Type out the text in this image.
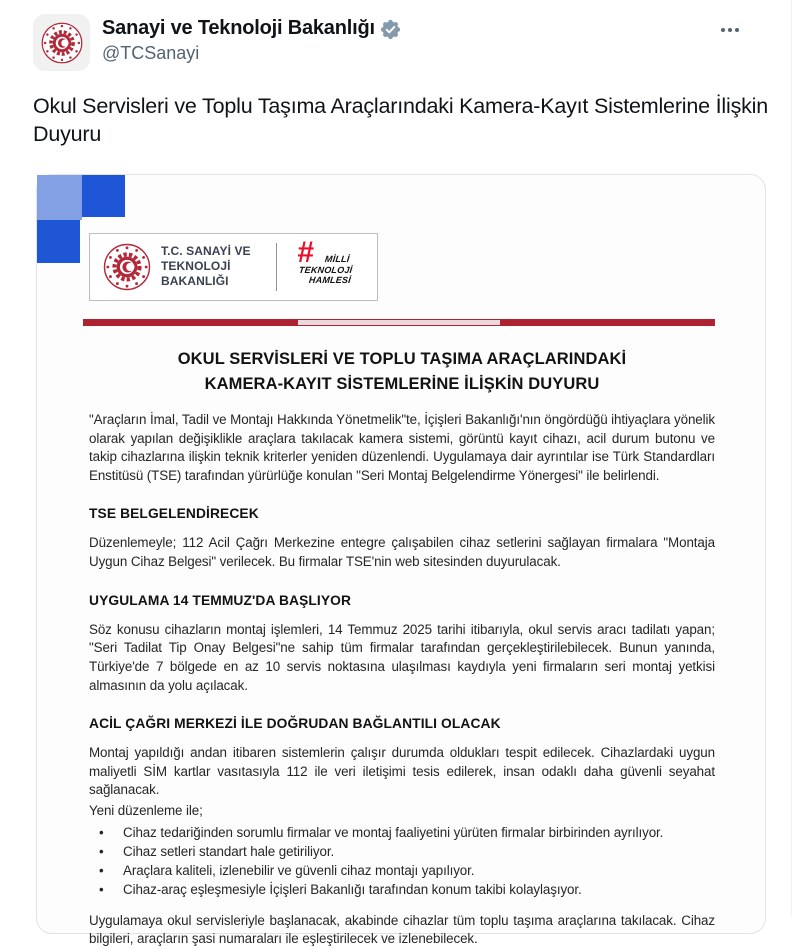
Sanayi ve Teknoloji Bakanlığı
@TCSanayi
Okul Servisleri ve Toplu Taşıma Araçlarındaki Kamera-Kayıt Sistemlerine İlişkin Duyuru
T.C. SANAYİ VE
TEKNOLOJİ BAKANLIĞI
# MİLLİ
TEKNOLOJİ
HAMLESİ
OKUL SERVİSLERİ VE TOPLU TAŞIMA ARAÇLARINDAKİ
KAMERA-KAYIT SİSTEMLERİNE İLİŞKİN DUYURU

"Araçların İmal, Tadil ve Montajı Hakkında Yönetmelik"te, İçişleri Bakanlığı'nın öngördüğü ihtiyaçlara yönelik olarak yapılan değişiklikle araçlara takılacak kamera sistemi, görüntü kayıt cihazı, acil durum butonu ve takip cihazlarına ilişkin teknik kriterler yeniden düzenlendi. Uygulamaya dair ayrıntılar ise Türk Standardları Enstitüsü (TSE) tarafından yürürlüğe konulan "Seri Montaj Belgelendirme Yönergesi" ile belirlendi.

TSE BELGELENDİRECEK

Düzenlemeyle; 112 Acil Çağrı Merkezine entegre çalışabilen cihaz setlerini sağlayan firmalara "Montaja Uygun Cihaz Belgesi" verilecek. Bu firmalar TSE'nin web sitesinden duyurulacak.

UYGULAMA 14 TEMMUZ'DA BAŞLIYOR

Söz konusu cihazların montaj işlemleri, 14 Temmuz 2025 tarihi itibarıyla, okul servis aracı tadilatı yapan; "Seri Tadilat Tip Onay Belgesi"ne sahip tüm firmalar tarafından gerçekleştirilebilecek. Bunun yanında, Türkiye'de 7 bölgede en az 10 servis noktasına ulaşılması kaydıyla yeni firmaların seri montaj yetkisi almasının da yolu açılacak.

ACİL ÇAĞRI MERKEZİ İLE DOĞRUDAN BAĞLANTILI OLACAK

Montaj yapıldığı andan itibaren sistemlerin çalışır durumda oldukları tespit edilecek. Cihazlardaki uygun maliyetli SİM kartlar vasıtasıyla 112 ile veri iletişimi tesis edilerek, insan odaklı daha güvenli seyahat sağlanacak.

Yeni düzenleme ile;

• Cihaz tedariğinden sorumlu firmalar ve montaj faaliyetini yürüten firmalar birbirinden ayrılıyor.
• Cihaz setleri standart hale getiriliyor.
• Araçlara kaliteli, izlenebilir ve güvenli cihaz montajı yapılıyor.
• Cihaz-araç eşleşmesiyle İçişleri Bakanlığı tarafından konum takibi kolaylaşıyor.

Uygulamaya okul servisleriyle başlanacak, akabinde cihazlar tüm toplu taşıma araçlarına takılacak. Cihaz bilgileri, araçların şasi numaraları ile eşleştirilecek ve izlenebilecek.
